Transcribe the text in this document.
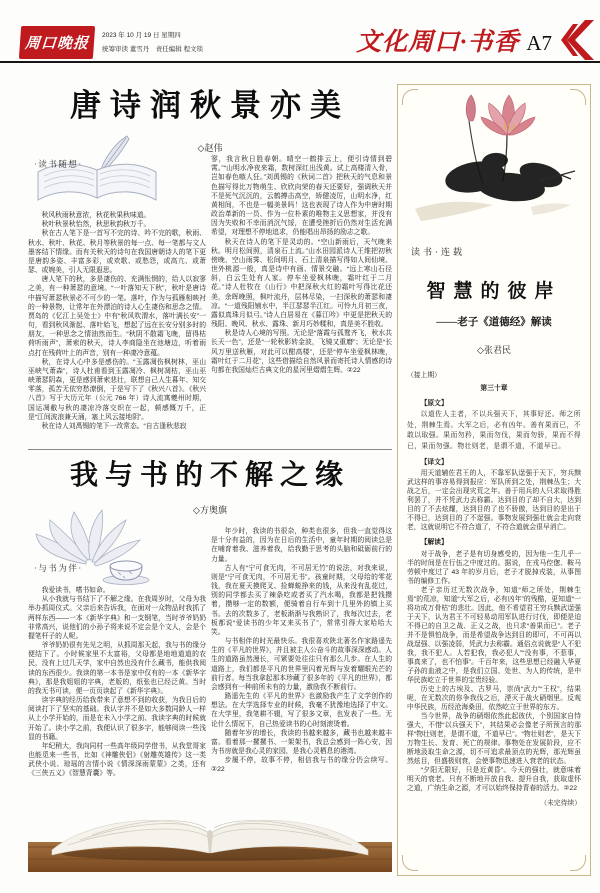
周口晚报
2023 年 10 月 19 日 星期四
统筹审读 董雪丹　责任编辑 程文琰	文化周口·书香 A7
唐诗润秋景亦美
◇赵伟
·读书随想·

秋风秋雨秋意浓，秋花秋果秋味道。

秋叶秋景秋怡然，秋思秋韵秋万千。

秋在古人笔下是一首写不完的诗、吟不完的歌，秋雨、秋水、秋叶、秋花、秋月等秋景的每一点、每一笔都与文人墨客结下情缘。而有关秋天的诗句在我国唐朝诗人的笔下更是唐韵多姿、丰富多彩，或欢歌、或愁怨，或高亢、或萧瑟、或婉美，引人无限遐思。

唐人笔下的秋，多是凄伤的、充满怅惘的，给人以寂寥之美，有一种萧瑟的意境。“一叶落知天下秋”，秋叶是唐诗中描写萧瑟秋景必不可少的一笔。落叶，作为与孤雁相映衬的一种景物，让常年在外漂泊的诗人心生凄伤和思念之情。贾岛的《忆江上吴处士》中有“秋风吹渭水，落叶满长安”一句，看到秋风渐起、落叶始飞，想起了远在长安分别多时的朋友，一种思念之情油然而生。“秋阴不散霜飞晚，留得枯荷听雨声”，萧索的秋天，诗人李商隐坐在池塘边，听着雨点打在残荷叶上的声音，别有一种凄冷意蕴。

秋，在诗人心中多是感伤的。“玉露凋伤枫树林，巫山巫峡气萧森”，诗人杜甫看到玉露凋冷、枫树凋枯，巫山巫峡萧瑟阴森，更是感到萧索悲壮，联想自己人生暮年、知交零落，孤苦无依穷愁潦倒，于是写下了《秋兴八首》。《秋兴八首》写于大历元年（公元 766 年）诗人流寓夔州时期，国运凋敝与秋的凄凉冷落交织在一起，顿感慨万千，正是“江间波浪兼天涌，塞上风云接地阴”。

秋在诗人刘禹锡的笔下一改常态。“自古逢秋悲寂

寥，我言秋日胜春朝。晴空一鹤排云上，便引诗情到碧霄。”“山明水净夜来霜，数树深红出浅黄。试上高楼清入骨，岂如春色嗾人狂。”刘禹锡的《秋词二首》把秋天的气息和景色描写得比万物萌生、欣欣向荣的春天还要好，强调秋天并不是死气沉沉的，云鹤搏击高空，矫健凌厉，山明水净，红黄相间，不也是一幅美景吗！这也表现了诗人作为中唐时期政治革新的一员、作为一位朴素的唯物主义思想家，并没有因为失败和不幸而消沉气馁，在遭受挫折后仍然对生活充满希望，对理想不停地追求，仍能唱出昂扬的励志之歌。

秋天在诗人的笔下是灵动的。“空山新雨后，天气晚来秋。明月松间照，清泉石上流。”山水田园派诗人王维把初秋傍晚、空山雨霁、松间明月、石上清泉描写得如人间仙境、世外桃源一般，真是诗中有画、情景交融。“远上寒山石径斜，白云生处有人家。停车坐爱枫林晚，霜叶红于二月花。”诗人杜牧在《山行》中把深秋火红的霜叶写得比花还美，余晖晚照，枫叶流丹，层林尽染，一扫深秋的萧瑟和凄凉。“一道残阳铺水中，半江瑟瑟半江红。可怜九月初三夜，露似真珠月似弓。”诗人白居易在《暮江吟》中更是把秋天的残阳、晚风、秋水、露珠、新月巧妙糅和，真是美不胜收。

秋是诗人心境的写照。无论是“落霞与孤鹜齐飞，秋水共长天一色”，还是“一轮秋影转金波，飞镜又重磨”；无论是“长风万里送秋雁，对此可以酣高楼”，还是“停车坐爱枫林晚，霜叶红于二月花”，这些借描绘自然风景而寄托诗人情感的诗句都在我国灿烂古典文化的星河里熠熠生辉。②22

我与书的不解之缘
◇方奥旗
·与书为伴·

我爱读书，嗜书如命。

从小我就与书结下了不解之缘。在我周岁时，父母为我举办抓周仪式。父亲后来告诉我，在面对一众物品时我抓了两样东西——一本《新华字典》和一支钢笔，当时爷爷奶奶非常高兴，说他们的小孙子将来说不定会是个文人，会是个握笔杆子的人呢。

爷爷奶奶很有先见之明，从抓周那天起，我与书的缘分便结下了。小时候家里不太富裕，父母都是地地道道的农民，没有上过几天学，家中自然也没有什么藏书，能供我阅读的东西很少。我读的第一本书是家中仅有的一本《新华字典》，那是我姐姐的字典，老版的，纸张也已经泛黄。当时的我无书可读，便一页页读起了《新华字典》。

读字典的经历给我带来了意想不到的收获，为我日后的阅读打下了坚实的基础。我认字并不是如大多数同龄人一样从上小学开始的，而是在未入小学之前、我读字典的时候就开始了。读小学之前，我便认识了很多字，能够阅读一些浅显的书籍。

年纪稍大，我向同村一些高年级同学借书，从我堂哥家也能觅来一些书，比如《神雕侠侣》《射雕英雄传》这一类武侠小说、琼瑶的言情小说《情深深雨蒙蒙》之类，还有《三侠五义》《智慧背囊》等。

年少时，我读的书很杂，种类也很多，但我一直觉得这是十分有益的，因为在日后的生活中，童年时期的阅读总是在哺育着我、滋养着我，给我勤于思考的头脑和砥砺前行的力量。

古人有“宁可食无肉，不可居无竹”的说法，对我来说，则是“宁可食无肉，不可居无书”。孩童时期，父母给的零花钱，我在夏天摸爬叉、捡蝉蜕挣来的钱，从来没有乱花过，别的同学都去买了辣条吃或者买了汽水喝，我都是把钱攒着，攒够一定的数额，便骑着自行车到十几里外的镇上买书。去的次数多了，老板渐渐与我熟识了，我每次过去，老板都说“爱读书的少年又来买书了”，常常引得大家哈哈大笑。

与书相伴的时光最快乐。我很喜欢陕北著名作家路遥先生的《平凡的世界》，并且被主人公奋斗的故事深深感动。人生的道路虽然漫长，可紧要处往往只有那么几步。在人生的道路上，我们都是平凡的世界里闪着光辉与发着耀眼光芒的前行者。每当我拿起那本珍藏了很多年的《平凡的世界》，都会感到有一种前所未有的力量，激励我不断前行。

路遥先生的《平凡的世界》也激励我产生了文学创作的想法。在大学选择专业的时候，我毫不犹豫地选择了中文。在大学里，我笔耕不辍，写了很多文章，也发表了一些。无论什么情况下，自己热爱读书的心时刻滚烫着。

随着年岁的增长，我读的书越来越多，藏书也越来越丰富。看着那一摞摞书、一架架书，我总会感到一阵心安，因为书房就是我心灵的家园，是我心灵栖息的港湾。

步履不停，故事不停，相信我与书的缘分仍会续写。②22

读书·连载
智慧的彼岸
——老子《道德经》解读
◇张君民

（接上期）

第三十章

【原文】

以道佐人主者，不以兵强天下，其事好还。师之所处，荆棘生焉。大军之后，必有凶年。善有果而已，不敢以取强。果而勿矜，果而勿伐，果而勿骄，果而不得已，果而勿强。物壮则老，是谓不道，不道早已。

【译文】

用天道辅佐君王的人，不靠军队逞强于天下，穷兵黩武这样的事容易得到报应：军队所到之处，荆棘丛生；大战之后，一定会出现灾荒之年。善于用兵的人只求取得胜利罢了，并不凭武力去称霸。达到目的了却不自大，达到目的了不去炫耀，达到目的了也不骄傲，达到目的是出于不得已，达到目的了不逞强。事物发展到强壮就会走向衰老，这就说明它不符合道了，不符合道就会很早消亡。

【解读】

对于战争，老子是有切身感受的，因为他一生几乎一半的时间是在行伍之中度过的。据说，在戎马倥偬、鞍马劳顿中度过了 43 年的岁月后，老子才脱掉戎装，从事图书的编修工作。

老子亲历过无数次战争，知道“师之所处，荆棘生焉”的荒凉，知道“大军之后，必有凶年”的残酷，更知道“一将功成万骨枯”的悲壮。因此，他不希望君王穷兵黩武逞强于天下，认为君王不可轻易动用军队进行讨伐，即便是迫不得已的自卫之战、正义之战，也只求“善果而已”。老子并不是惧怕战争，而是希望战争达到目的即可，不可再以战逞强、以强凌弱，凭武力去称霸。通俗点说就是“人不犯我，我不犯人。人若犯我，我必犯人”“没有事，不惹事，事真来了，也不怕事”。千百年来，这些思想已经融入华夏子孙的血液之中，是我们立国、处世、为人的传统，是中华民族屹立于世界的宝贵经验。

历史上的古埃及、古罗马，崇尚“武力”“王权”，结果呢，在无数次的你争我伐之后，湮灭于战火硝烟里。反观中华民族，历经沧海桑田，依然屹立于世界的东方。

当今世界，战争的硝烟依然此起彼伏，个别国家自恃强大，不惜“以兵强天下”，其结果必会像老子所预言的那样“物壮则老，是谓不道，不道早已”。“物壮则老”，是天下万物生长、发育、死亡的规律。事物处在发展阶段，应不断地汲取生命之源，切不可追求最顶点的光辉，那光辉虽然炫目，但盛极则衰，会使事物迅速进入衰老的状态。

“夕阳无限好，只是近黄昏”。今天的强壮，就意味着明天的衰老。只有不断地开放自我、提升自我，获取虚怀之道，广纳生命之源，才可以始终保持青春的活力。②22

（未完待续）
